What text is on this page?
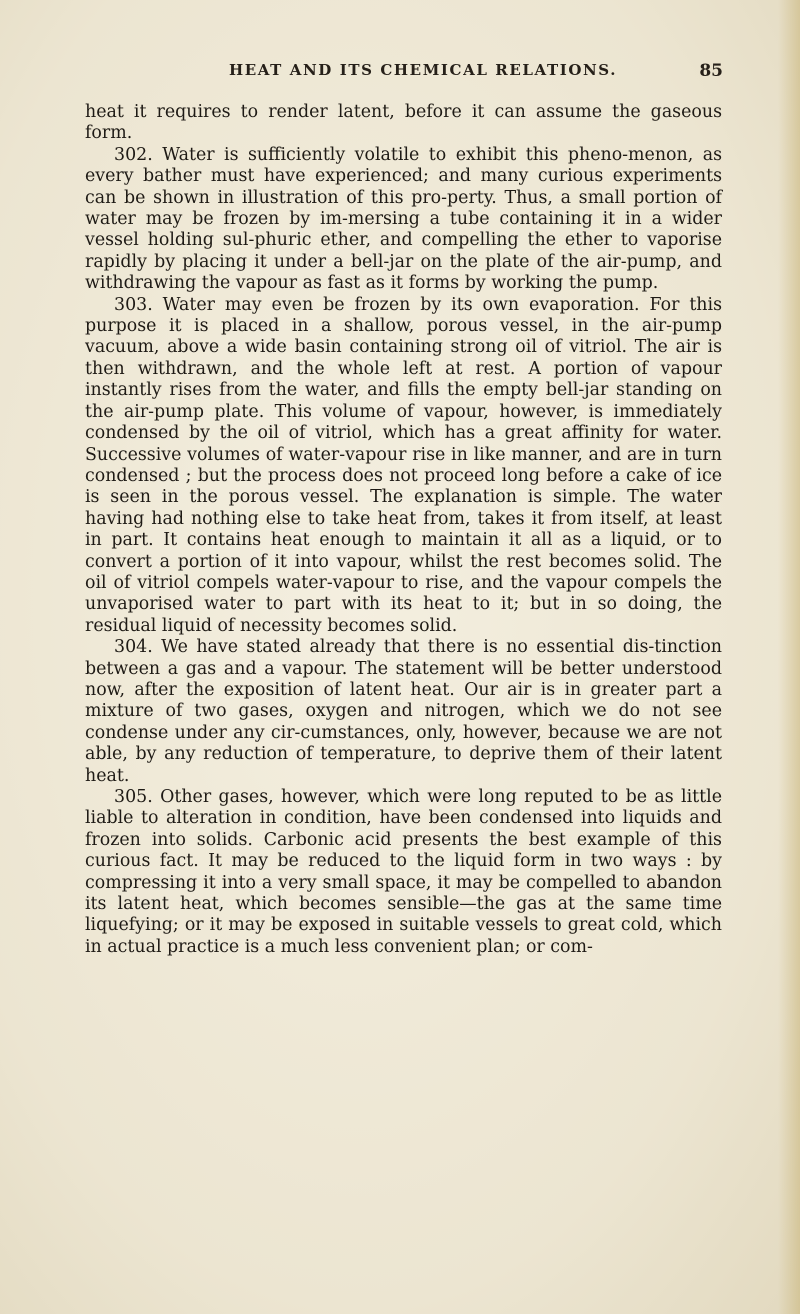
HEAT AND ITS CHEMICAL RELATIONS.	85

heat it requires to render latent, before it can assume the gaseous form.

302. Water is sufficiently volatile to exhibit this pheno-menon, as every bather must have experienced; and many curious experiments can be shown in illustration of this pro-perty. Thus, a small portion of water may be frozen by im-mersing a tube containing it in a wider vessel holding sul-phuric ether, and compelling the ether to vaporise rapidly by placing it under a bell-jar on the plate of the air-pump, and withdrawing the vapour as fast as it forms by working the pump.

303. Water may even be frozen by its own evaporation. For this purpose it is placed in a shallow, porous vessel, in the air-pump vacuum, above a wide basin containing strong oil of vitriol. The air is then withdrawn, and the whole left at rest. A portion of vapour instantly rises from the water, and fills the empty bell-jar standing on the air-pump plate. This volume of vapour, however, is immediately condensed by the oil of vitriol, which has a great affinity for water. Successive volumes of water-vapour rise in like manner, and are in turn condensed ; but the process does not proceed long before a cake of ice is seen in the porous vessel. The explanation is simple. The water having had nothing else to take heat from, takes it from itself, at least in part. It contains heat enough to maintain it all as a liquid, or to convert a portion of it into vapour, whilst the rest becomes solid. The oil of vitriol compels water-vapour to rise, and the vapour compels the unvaporised water to part with its heat to it; but in so doing, the residual liquid of necessity becomes solid.

304. We have stated already that there is no essential dis-tinction between a gas and a vapour. The statement will be better understood now, after the exposition of latent heat. Our air is in greater part a mixture of two gases, oxygen and nitrogen, which we do not see condense under any cir-cumstances, only, however, because we are not able, by any reduction of temperature, to deprive them of their latent heat.

305. Other gases, however, which were long reputed to be as little liable to alteration in condition, have been condensed into liquids and frozen into solids. Carbonic acid presents the best example of this curious fact. It may be reduced to the liquid form in two ways : by compressing it into a very small space, it may be compelled to abandon its latent heat, which becomes sensible—the gas at the same time liquefying; or it may be exposed in suitable vessels to great cold, which in actual practice is a much less convenient plan; or com-
